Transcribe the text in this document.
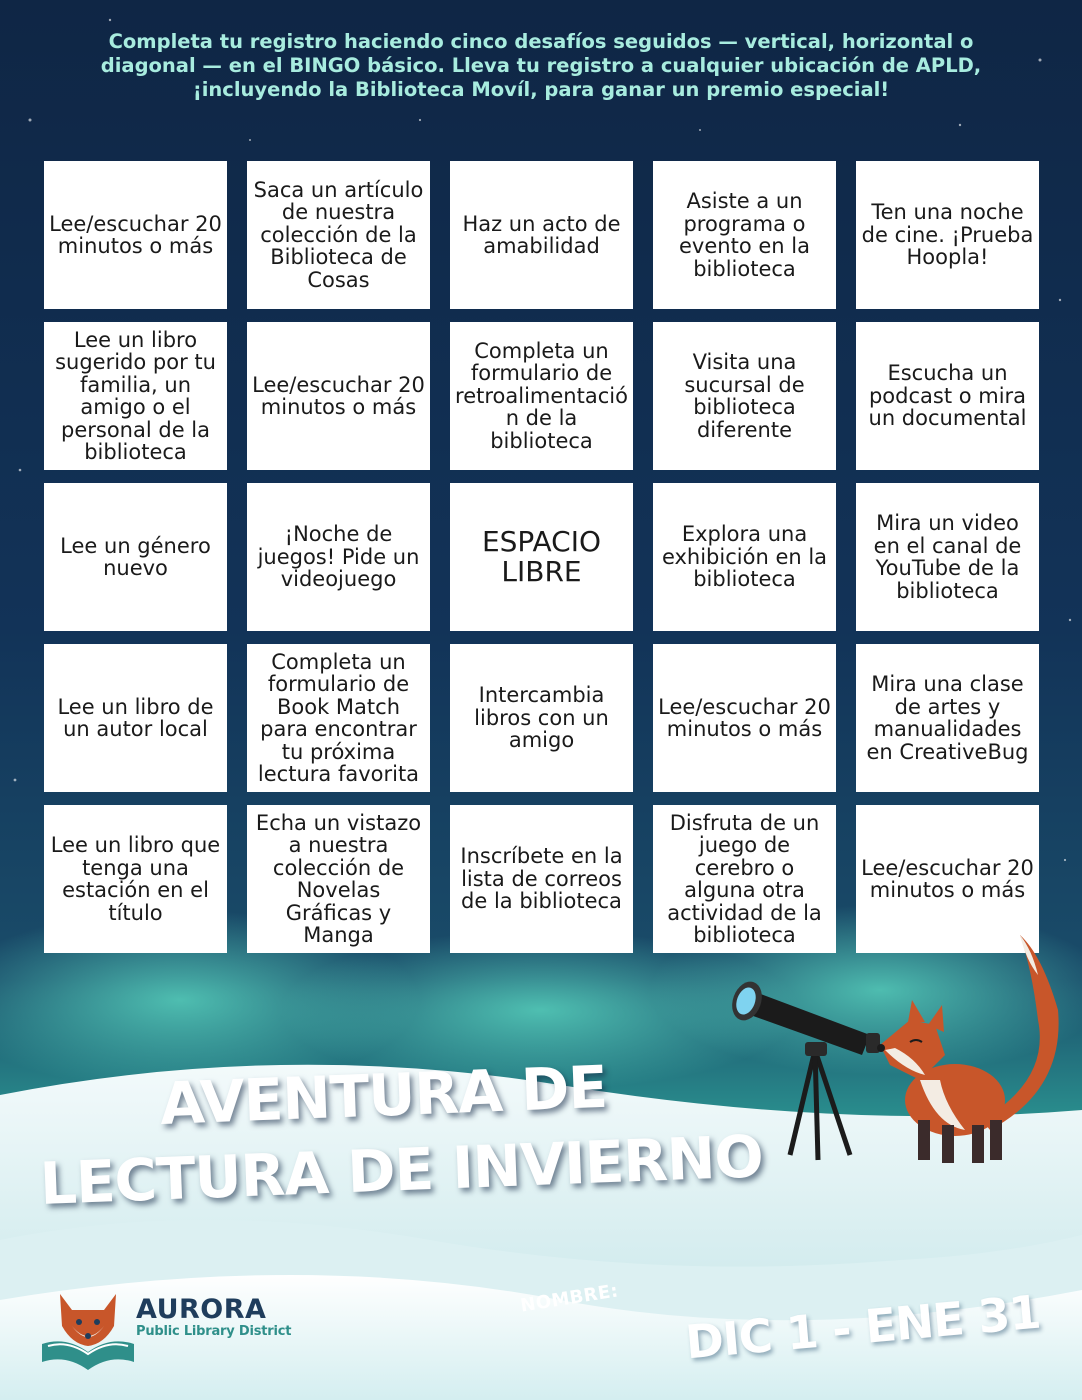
Completa tu registro haciendo cinco desafíos seguidos — vertical, horizontal o diagonal — en el BINGO básico. Lleva tu registro a cualquier ubicación de APLD, ¡incluyendo la Biblioteca Movíl, para ganar un premio especial!

Lee/escuchar 20 minutos o más
Saca un artículo de nuestra colección de la Biblioteca de Cosas
Haz un acto de amabilidad
Asiste a un programa o evento en la biblioteca
Ten una noche de cine. ¡Prueba Hoopla!
Lee un libro sugerido por tu familia, un amigo o el personal de la biblioteca
Lee/escuchar 20 minutos o más
Completa un formulario de retroalimentación de la biblioteca
Visita una sucursal de biblioteca diferente
Escucha un podcast o mira un documental
Lee un género nuevo
¡Noche de juegos! Pide un videojuego
ESPACIO LIBRE
Explora una exhibición en la biblioteca
Mira un video en el canal de YouTube de la biblioteca
Lee un libro de un autor local
Completa un formulario de Book Match para encontrar tu próxima lectura favorita
Intercambia libros con un amigo
Lee/escuchar 20 minutos o más
Mira una clase de artes y manualidades en CreativeBug
Lee un libro que tenga una estación en el título
Echa un vistazo a nuestra colección de Novelas Gráficas y Manga
Inscríbete en la lista de correos de la biblioteca
Disfruta de un juego de cerebro o alguna otra actividad de la biblioteca
Lee/escuchar 20 minutos o más
AVENTURA DE
LECTURA DE INVIERNO
NOMBRE: DIC 1 - ENE 31
AURORA
Public Library District
